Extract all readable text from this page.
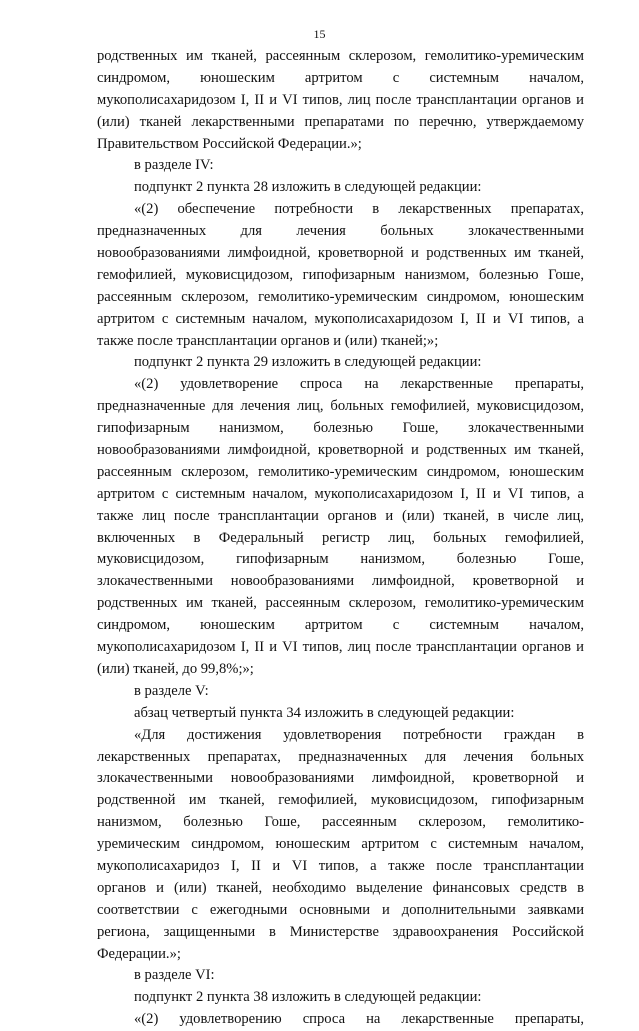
15
родственных им тканей, рассеянным склерозом, гемолитико-уремическим
синдромом, юношеским артритом с системным началом,
мукополисахаридозом I, II и VI типов, лиц после трансплантации органов и
(или) тканей лекарственными препаратами по перечню, утверждаемому
Правительством Российской Федерации.»;
в разделе IV:
подпункт 2 пункта 28 изложить в следующей редакции:
«(2) обеспечение потребности в лекарственных препаратах,
предназначенных для лечения больных злокачественными
новообразованиями лимфоидной, кроветворной и родственных им тканей,
гемофилией, муковисцидозом, гипофизарным нанизмом, болезнью Гоше,
рассеянным склерозом, гемолитико-уремическим синдромом, юношеским
артритом с системным началом, мукополисахаридозом I, II и VI типов, а
также после трансплантации органов и (или) тканей;»;
подпункт 2 пункта 29 изложить в следующей редакции:
«(2) удовлетворение спроса на лекарственные препараты,
предназначенные для лечения лиц, больных гемофилией, муковисцидозом,
гипофизарным нанизмом, болезнью Гоше, злокачественными
новообразованиями лимфоидной, кроветворной и родственных им тканей,
рассеянным склерозом, гемолитико-уремическим синдромом, юношеским
артритом с системным началом, мукополисахаридозом I, II и VI типов, а
также лиц после трансплантации органов и (или) тканей, в числе лиц,
включенных в Федеральный регистр лиц, больных гемофилией,
муковисцидозом, гипофизарным нанизмом, болезнью Гоше,
злокачественными новообразованиями лимфоидной, кроветворной и
родственных им тканей, рассеянным склерозом, гемолитико-уремическим
синдромом, юношеским артритом с системным началом,
мукополисахаридозом I, II и VI типов, лиц после трансплантации органов и
(или) тканей, до 99,8%;»;
в разделе V:
абзац четвертый пункта 34 изложить в следующей редакции:
«Для достижения удовлетворения потребности граждан в
лекарственных препаратах, предназначенных для лечения больных
злокачественными новообразованиями лимфоидной, кроветворной и
родственной им тканей, гемофилией, муковисцидозом, гипофизарным
нанизмом, болезнью Гоше, рассеянным склерозом, гемолитико-
уремическим синдромом, юношеским артритом с системным началом,
мукополисахаридоз I, II и VI типов, а также после трансплантации
органов и (или) тканей, необходимо выделение финансовых средств в
соответствии с ежегодными основными и дополнительными заявками
региона, защищенными в Министерстве здравоохранения Российской
Федерации.»;
в разделе VI:
подпункт 2 пункта 38 изложить в следующей редакции:
«(2) удовлетворению спроса на лекарственные препараты,
